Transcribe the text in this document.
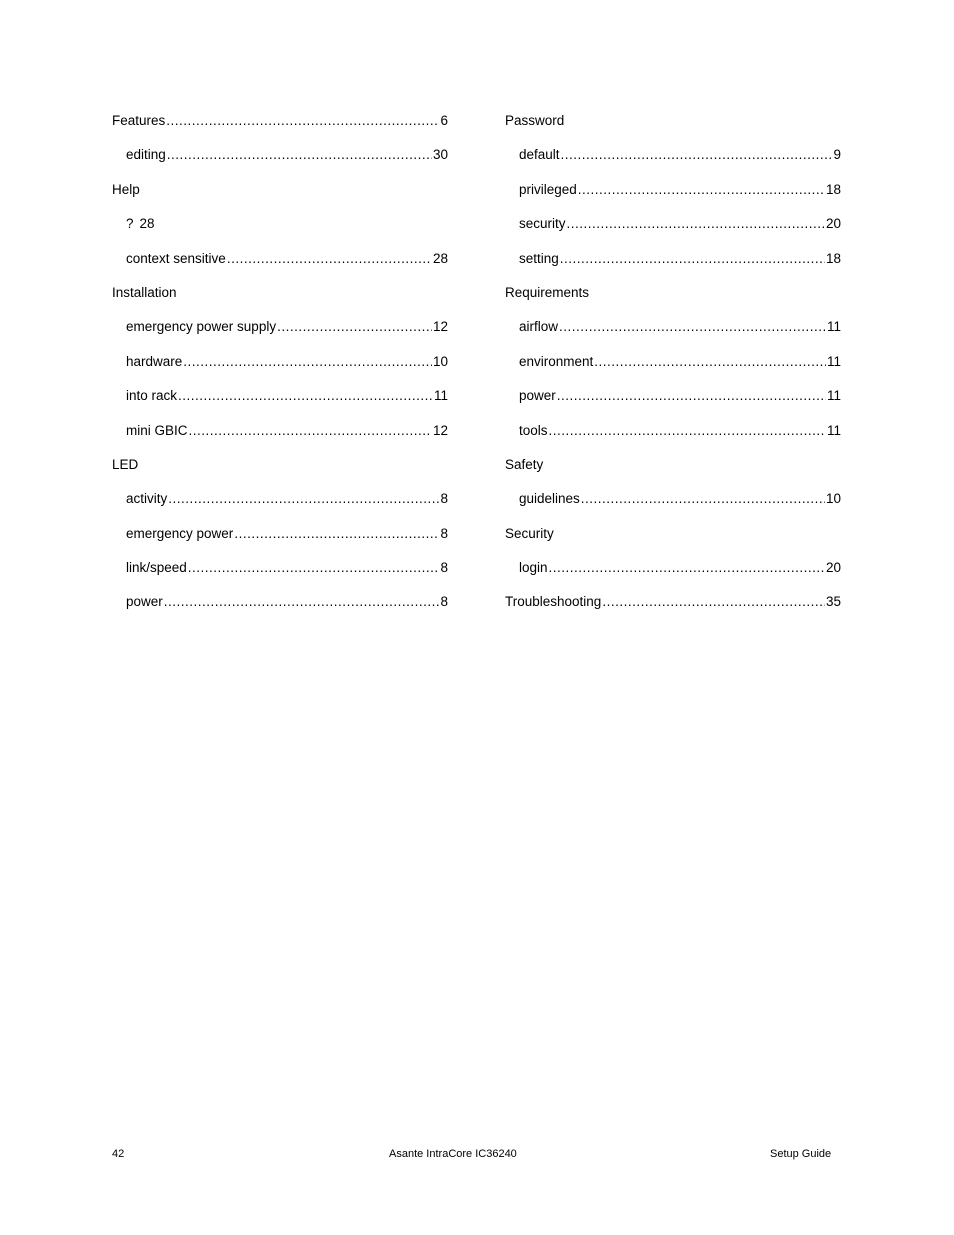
Features .....	6
editing .....	30
Help
? 28
context sensitive .....	28
Installation
emergency power supply .....	12
hardware .....	10
into rack .....	11
mini GBIC .....	12
LED
activity .....	8
emergency power .....	8
link/speed .....	8
power .....	8
Password
default .....	9
privileged .....	18
security .....	20
setting .....	18
Requirements
airflow .....	11
environment .....	11
power .....	11
tools .....	11
Safety
guidelines .....	10
Security
login .....	20
Troubleshooting .....	35
42	Asante IntraCore IC36240	Setup Guide
